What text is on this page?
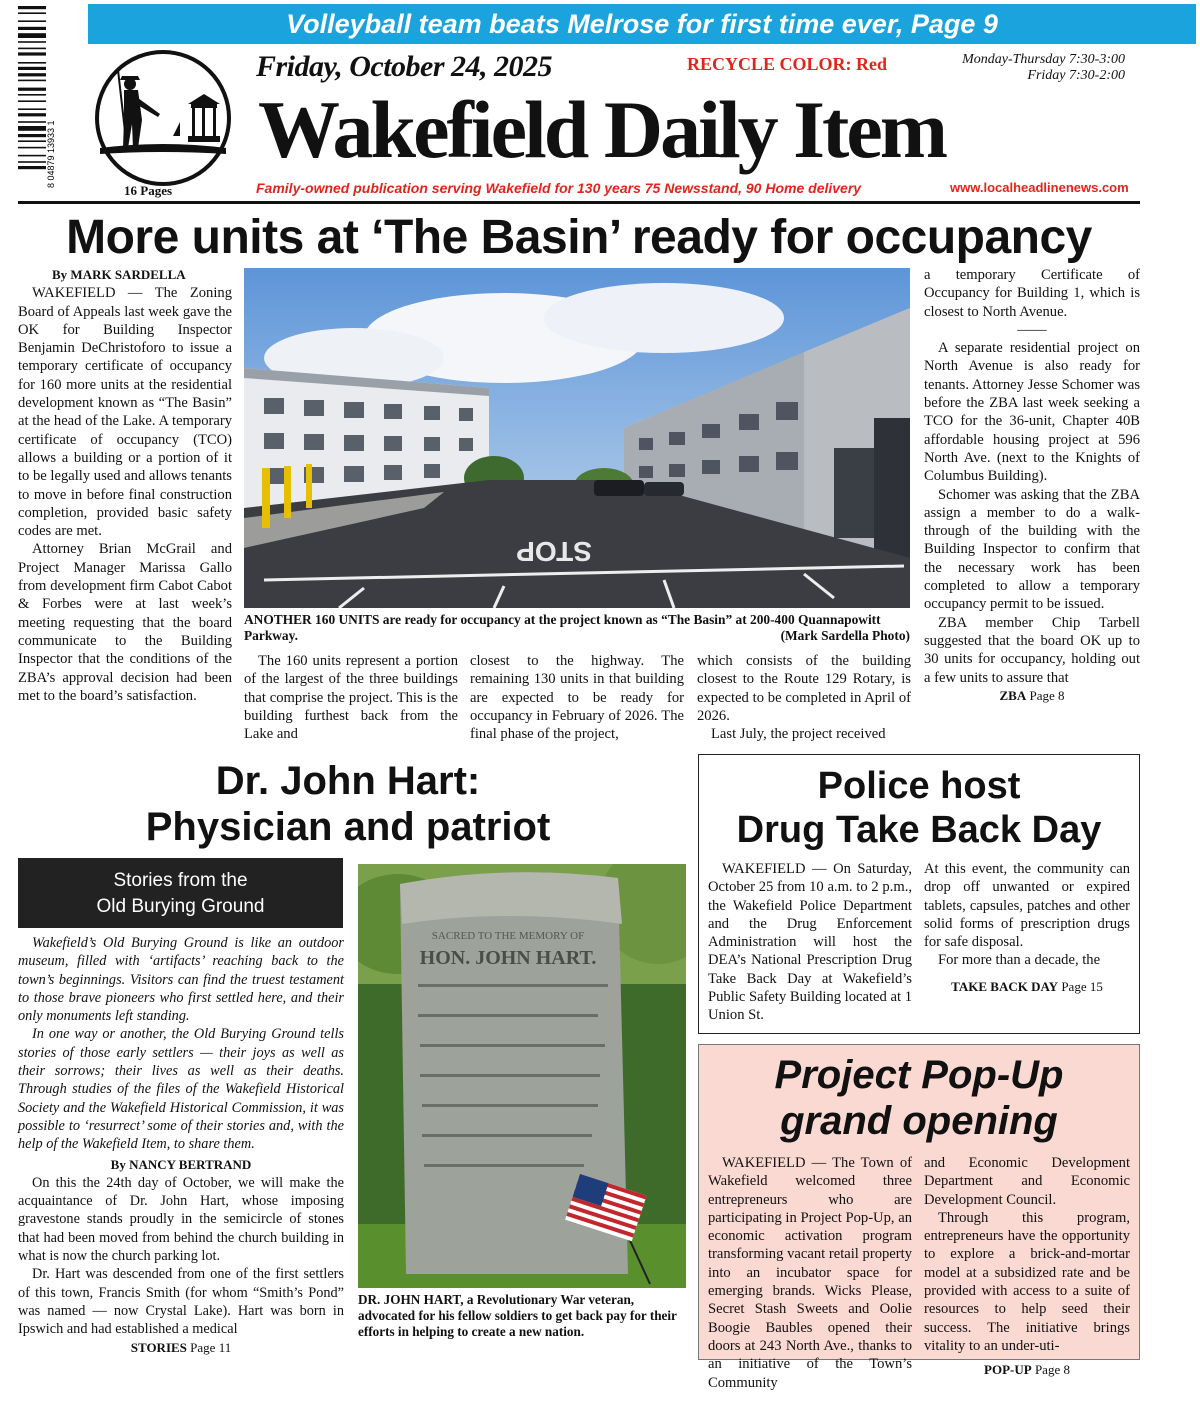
Volleyball team beats Melrose for first time ever, Page 9
8 04879 13933 1
16 Pages
Friday, October 24, 2025	RECYCLE COLOR: Red	Monday-Thursday 7:30-3:00
Friday 7:30-2:00
Wakefield Daily Item
Family-owned publication serving Wakefield for 130 years 75 Newsstand, 90 Home delivery	www.localheadlinenews.com
More units at ‘The Basin’ ready for occupancy
By MARK SARDELLA

WAKEFIELD — The Zoning Board of Appeals last week gave the OK for Building Inspector Benjamin DeChristoforo to issue a temporary certificate of occupancy for 160 more units at the residential development known as “The Basin” at the head of the Lake. A temporary certificate of occupancy (TCO) allows a building or a portion of it to be legally used and allows tenants to move in before final construction completion, provided basic safety codes are met.

Attorney Brian McGrail and Project Manager Marissa Gallo from development firm Cabot Cabot & Forbes were at last week’s meeting requesting that the board communicate to the Building Inspector that the conditions of the ZBA’s approval decision had been met to the board’s satisfaction.

STOP
ANOTHER 160 UNITS are ready for occupancy at the project known as “The Basin” at 200-400 Quannapowitt Parkway.	(Mark Sardella Photo)

The 160 units represent a portion of the largest of the three buildings that comprise the project. This is the building furthest back from the Lake and

closest to the highway. The remaining 130 units in that building are expected to be ready for occupancy in February of 2026. The final phase of the project,

which consists of the building closest to the Route 129 Rotary, is expected to be completed in April of 2026.

Last July, the project received

a temporary Certificate of Occupancy for Building 1, which is closest to North Avenue.

——

A separate residential project on North Avenue is also ready for tenants. Attorney Jesse Schomer was before the ZBA last week seeking a TCO for the 36-unit, Chapter 40B affordable housing project at 596 North Ave. (next to the Knights of Columbus Building).

Schomer was asking that the ZBA assign a member to do a walk-through of the building with the Building Inspector to confirm that the necessary work has been completed to allow a temporary occupancy permit to be issued.

ZBA member Chip Tarbell suggested that the board OK up to 30 units for occupancy, holding out a few units to assure that

ZBA Page 8
Dr. John Hart:
Physician and patriot
Stories from the
Old Burying Ground

Wakefield’s Old Burying Ground is like an outdoor museum, filled with ‘artifacts’ reaching back to the town’s beginnings. Visitors can find the truest testament to those brave pioneers who first settled here, and their only monuments left standing.

In one way or another, the Old Burying Ground tells stories of those early settlers — their joys as well as their sorrows; their lives as well as their deaths. Through studies of the files of the Wakefield Historical Society and the Wakefield Historical Commission, it was possible to ‘resurrect’ some of their stories and, with the help of the Wakefield Item, to share them.

By NANCY BERTRAND

On this the 24th day of October, we will make the acquaintance of Dr. John Hart, whose imposing gravestone stands proudly in the semicircle of stones that had been moved from behind the church building in what is now the church parking lot.

Dr. Hart was descended from one of the first settlers of this town, Francis Smith (for whom “Smith’s Pond” was named — now Crystal Lake). Hart was born in Ipswich and had established a medical

STORIES Page 11
SACRED TO THE MEMORY OF
HON. JOHN HART.
DR. JOHN HART, a Revolutionary War veteran, advocated for his fellow soldiers to get back pay for their efforts in helping to create a new nation.
Police host
Drug Take Back Day

WAKEFIELD — On Saturday, October 25 from 10 a.m. to 2 p.m., the Wakefield Police Department and the Drug Enforcement Administration will host the DEA’s National Prescription Drug Take Back Day at Wakefield’s Public Safety Building located at 1 Union St.

At this event, the community can drop off unwanted or expired tablets, capsules, patches and other solid forms of prescription drugs for safe disposal.

For more than a decade, the

TAKE BACK DAY Page 15
Project Pop-Up
grand opening

WAKEFIELD — The Town of Wakefield welcomed three entrepreneurs who are participating in Project Pop-Up, an economic activation program transforming vacant retail property into an incubator space for emerging brands. Wicks Please, Secret Stash Sweets and Oolie Boogie Baubles opened their doors at 243 North Ave., thanks to an initiative of the Town’s Community

and Economic Development Department and Economic Development Council.

Through this program, entrepreneurs have the opportunity to explore a brick-and-mortar model at a subsidized rate and be provided with access to a suite of resources to help seed their success. The initiative brings vitality to an under-uti-

POP-UP Page 8
